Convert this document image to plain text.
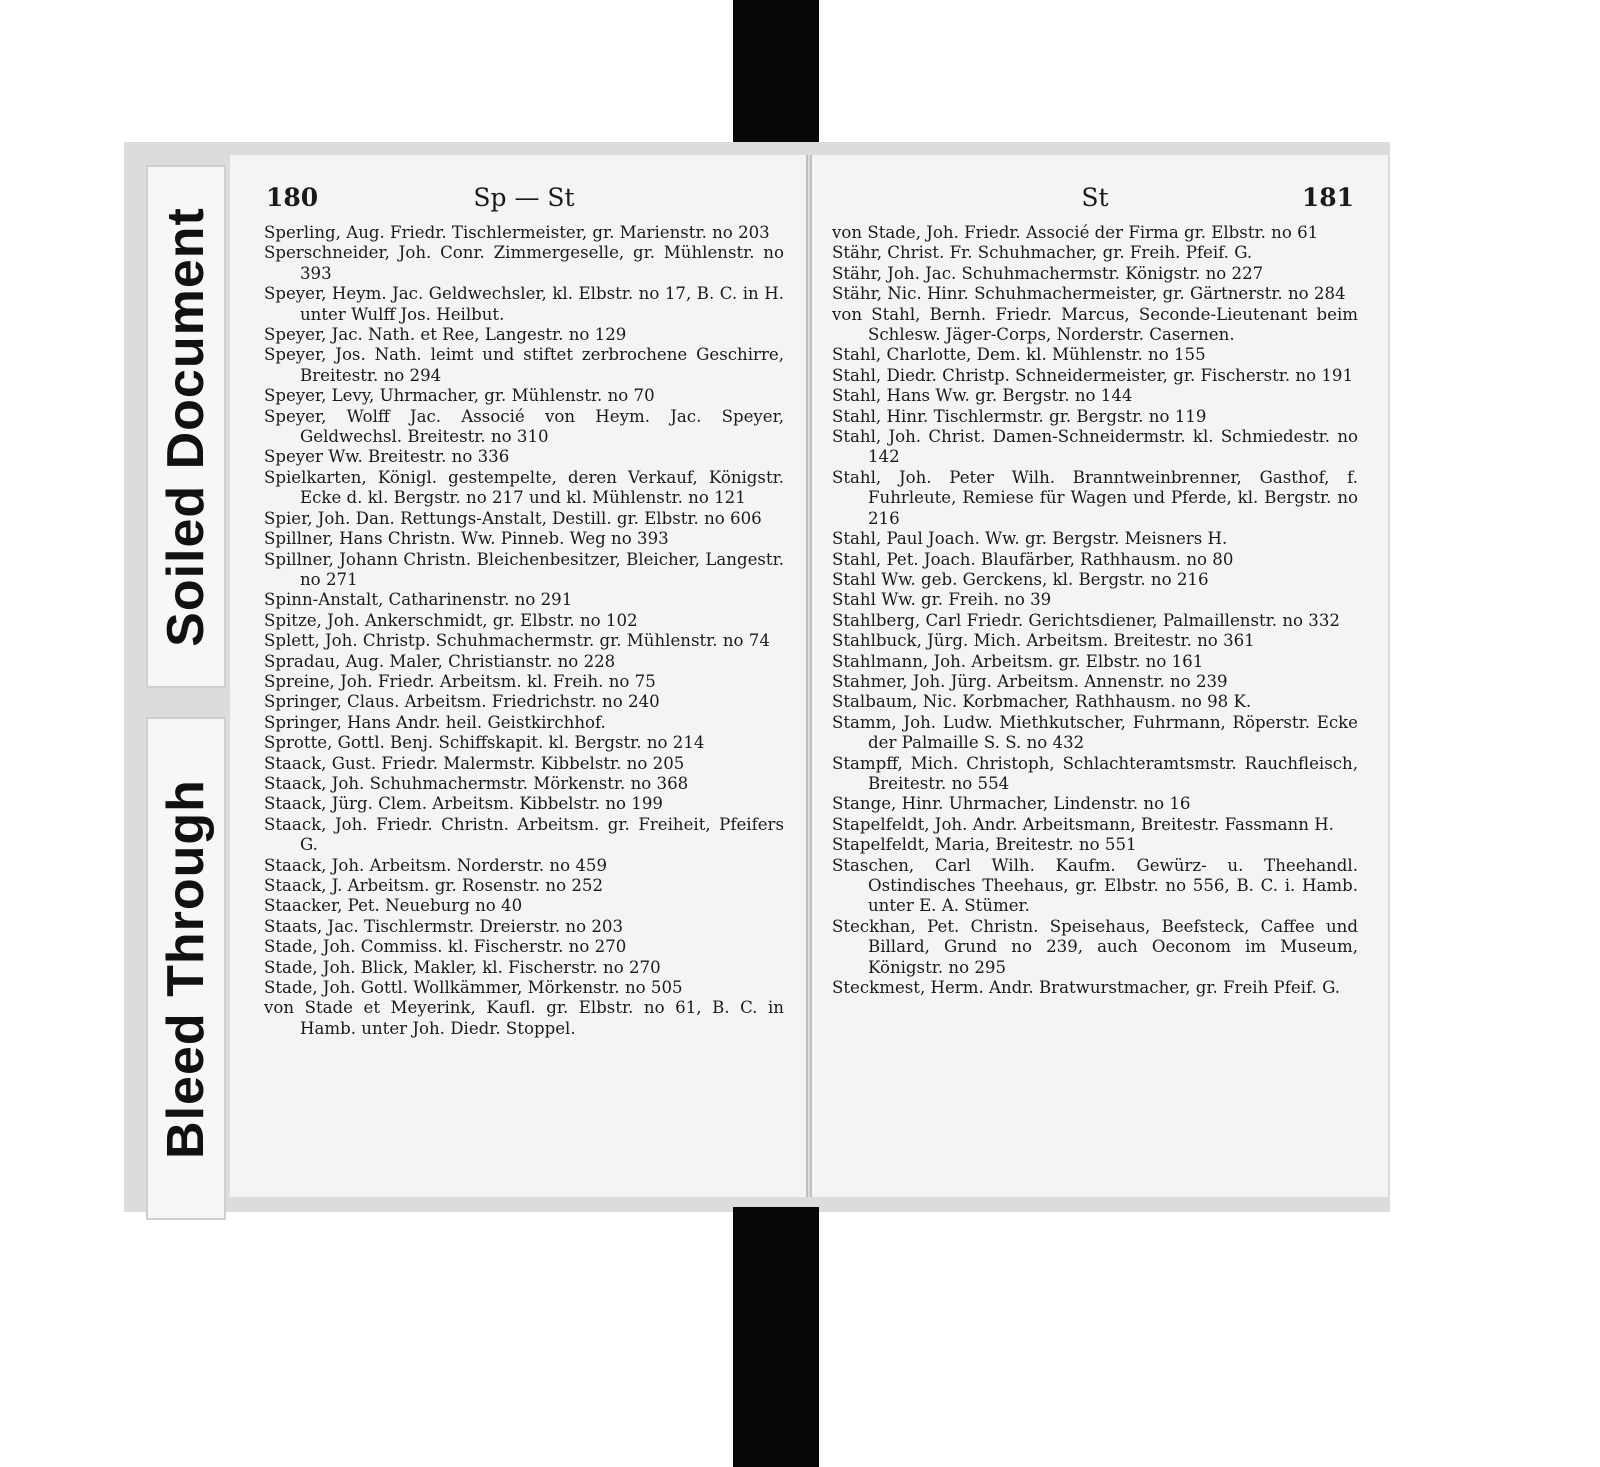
Soiled Document
Bleed Through
Sp — St
180
Sperling, Aug. Friedr. Tischlermeister, gr. Marienstr. no 203
Sperschneider, Joh. Conr. Zimmergeselle, gr. Mühlenstr. no 393
Speyer, Heym. Jac. Geldwechsler, kl. Elbstr. no 17, B. C. in H. unter Wulff Jos. Heilbut.
Speyer, Jac. Nath. et Ree, Langestr. no 129
Speyer, Jos. Nath. leimt und stiftet zerbrochene Geschirre, Breitestr. no 294
Speyer, Levy, Uhrmacher, gr. Mühlenstr. no 70
Speyer, Wolff Jac. Associé von Heym. Jac. Speyer, Geldwechsl. Breitestr. no 310
Speyer Ww. Breitestr. no 336
Spielkarten, Königl. gestempelte, deren Verkauf, Königstr. Ecke d. kl. Bergstr. no 217 und kl. Mühlenstr. no 121
Spier, Joh. Dan. Rettungs-Anstalt, Destill. gr. Elbstr. no 606
Spillner, Hans Christn. Ww. Pinneb. Weg no 393
Spillner, Johann Christn. Bleichenbesitzer, Bleicher, Langestr. no 271
Spinn-Anstalt, Catharinenstr. no 291
Spitze, Joh. Ankerschmidt, gr. Elbstr. no 102
Splett, Joh. Christp. Schuhmachermstr. gr. Mühlenstr. no 74
Spradau, Aug. Maler, Christianstr. no 228
Spreine, Joh. Friedr. Arbeitsm. kl. Freih. no 75
Springer, Claus. Arbeitsm. Friedrichstr. no 240
Springer, Hans Andr. heil. Geistkirchhof.
Sprotte, Gottl. Benj. Schiffskapit. kl. Bergstr. no 214
Staack, Gust. Friedr. Malermstr. Kibbelstr. no 205
Staack, Joh. Schuhmachermstr. Mörkenstr. no 368
Staack, Jürg. Clem. Arbeitsm. Kibbelstr. no 199
Staack, Joh. Friedr. Christn. Arbeitsm. gr. Freiheit, Pfeifers G.
Staack, Joh. Arbeitsm. Norderstr. no 459
Staack, J. Arbeitsm. gr. Rosenstr. no 252
Staacker, Pet. Neueburg no 40
Staats, Jac. Tischlermstr. Dreierstr. no 203
Stade, Joh. Commiss. kl. Fischerstr. no 270
Stade, Joh. Blick, Makler, kl. Fischerstr. no 270
Stade, Joh. Gottl. Wollkämmer, Mörkenstr. no 505
von Stade et Meyerink, Kaufl. gr. Elbstr. no 61, B. C. in Hamb. unter Joh. Diedr. Stoppel.
St	181
von Stade, Joh. Friedr. Associé der Firma gr. Elbstr. no 61
Stähr, Christ. Fr. Schuhmacher, gr. Freih. Pfeif. G.
Stähr, Joh. Jac. Schuhmachermstr. Königstr. no 227
Stähr, Nic. Hinr. Schuhmachermeister, gr. Gärtnerstr. no 284
von Stahl, Bernh. Friedr. Marcus, Seconde-Lieutenant beim Schlesw. Jäger-Corps, Norderstr. Casernen.
Stahl, Charlotte, Dem. kl. Mühlenstr. no 155
Stahl, Diedr. Christp. Schneidermeister, gr. Fischerstr. no 191
Stahl, Hans Ww. gr. Bergstr. no 144
Stahl, Hinr. Tischlermstr. gr. Bergstr. no 119
Stahl, Joh. Christ. Damen-Schneidermstr. kl. Schmiedestr. no 142
Stahl, Joh. Peter Wilh. Branntweinbrenner, Gasthof, f. Fuhrleute, Remiese für Wagen und Pferde, kl. Bergstr. no 216
Stahl, Paul Joach. Ww. gr. Bergstr. Meisners H.
Stahl, Pet. Joach. Blaufärber, Rathhausm. no 80
Stahl Ww. geb. Gerckens, kl. Bergstr. no 216
Stahl Ww. gr. Freih. no 39
Stahlberg, Carl Friedr. Gerichtsdiener, Palmaillenstr. no 332
Stahlbuck, Jürg. Mich. Arbeitsm. Breitestr. no 361
Stahlmann, Joh. Arbeitsm. gr. Elbstr. no 161
Stahmer, Joh. Jürg. Arbeitsm. Annenstr. no 239
Stalbaum, Nic. Korbmacher, Rathhausm. no 98 K.
Stamm, Joh. Ludw. Miethkutscher, Fuhrmann, Röperstr. Ecke der Palmaille S. S. no 432
Stampff, Mich. Christoph, Schlachteramtsmstr. Rauchfleisch, Breitestr. no 554
Stange, Hinr. Uhrmacher, Lindenstr. no 16
Stapelfeldt, Joh. Andr. Arbeitsmann, Breitestr. Fassmann H.
Stapelfeldt, Maria, Breitestr. no 551
Staschen, Carl Wilh. Kaufm. Gewürz- u. Theehandl. Ostindisches Theehaus, gr. Elbstr. no 556, B. C. i. Hamb. unter E. A. Stümer.
Steckhan, Pet. Christn. Speisehaus, Beefsteck, Caffee und Billard, Grund no 239, auch Oeconom im Museum, Königstr. no 295
Steckmest, Herm. Andr. Bratwurstmacher, gr. Freih Pfeif. G.
